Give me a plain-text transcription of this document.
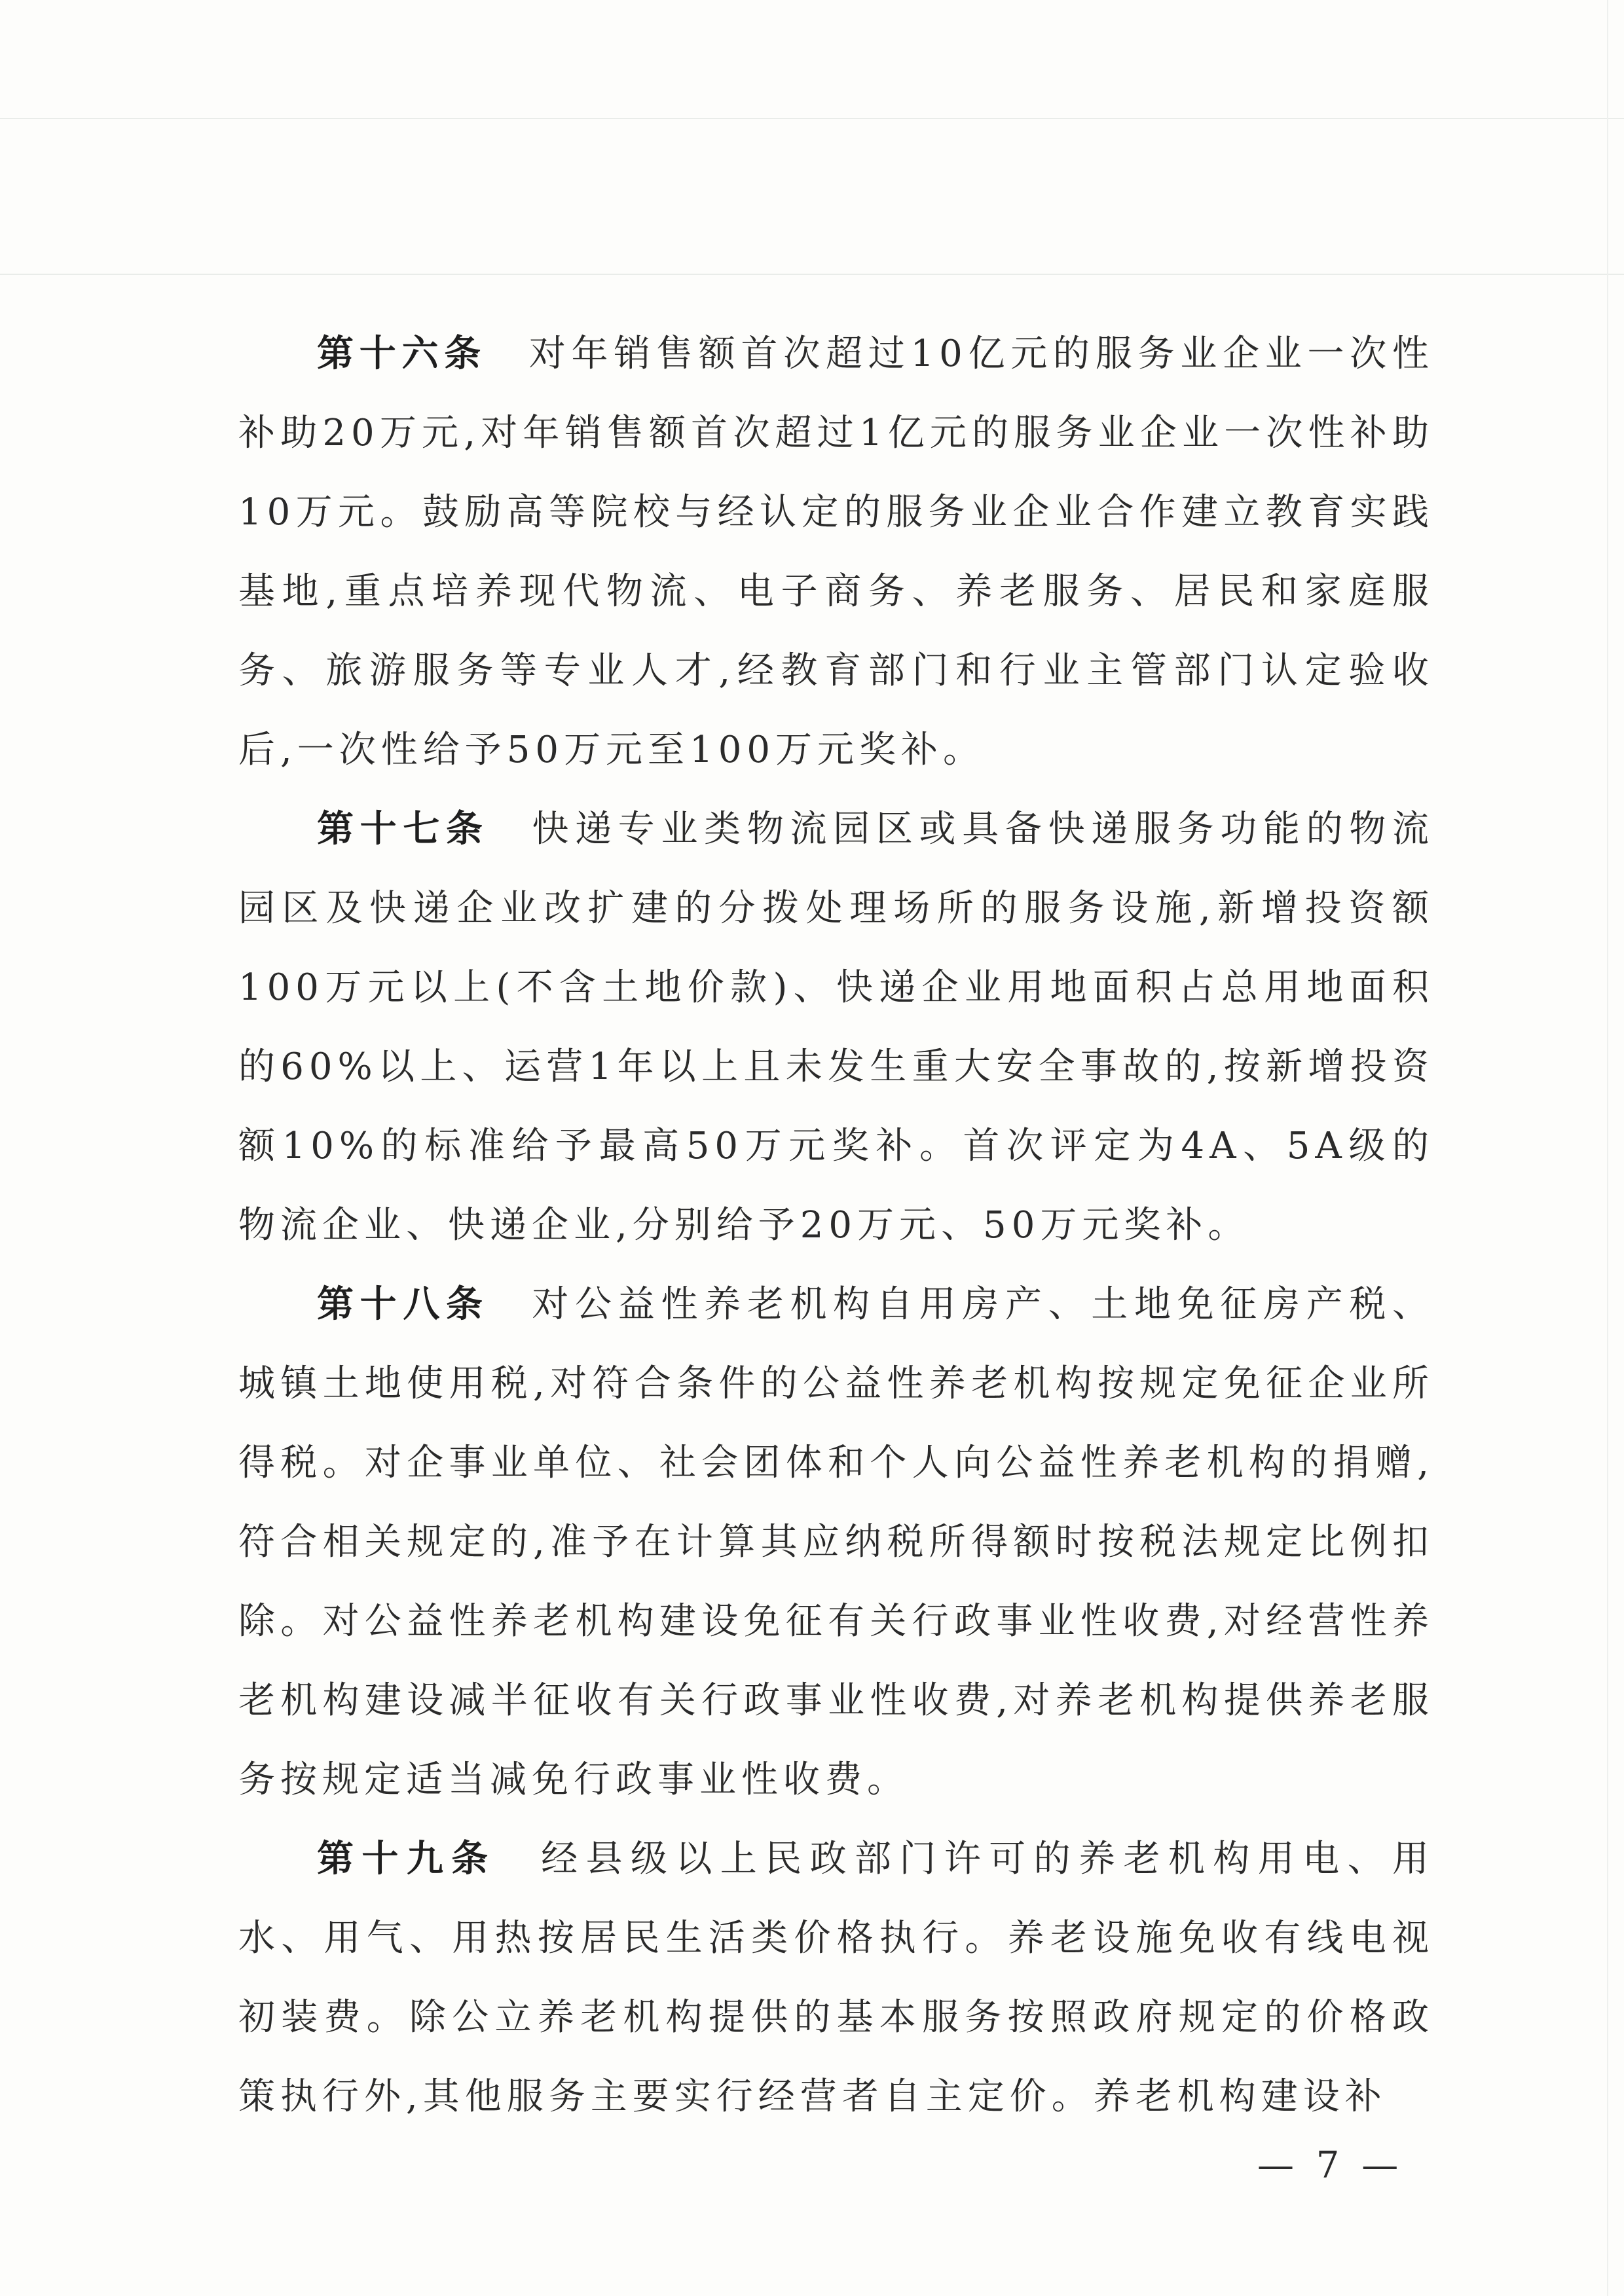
第十六条 对年销售额首次超过10亿元的服务业企业一次性补助20万元,对年销售额首次超过1亿元的服务业企业一次性补助10万元。鼓励高等院校与经认定的服务业企业合作建立教育实践基地,重点培养现代物流、电子商务、养老服务、居民和家庭服务、旅游服务等专业人才,经教育部门和行业主管部门认定验收后,一次性给予50万元至100万元奖补。

第十七条 快递专业类物流园区或具备快递服务功能的物流园区及快递企业改扩建的分拨处理场所的服务设施,新增投资额100万元以上(不含土地价款)、快递企业用地面积占总用地面积的60%以上、运营1年以上且未发生重大安全事故的,按新增投资额10%的标准给予最高50万元奖补。首次评定为4A、5A级的物流企业、快递企业,分别给予20万元、50万元奖补。

第十八条 对公益性养老机构自用房产、土地免征房产税、城镇土地使用税,对符合条件的公益性养老机构按规定免征企业所得税。对企事业单位、社会团体和个人向公益性养老机构的捐赠,符合相关规定的,准予在计算其应纳税所得额时按税法规定比例扣除。对公益性养老机构建设免征有关行政事业性收费,对经营性养老机构建设减半征收有关行政事业性收费,对养老机构提供养老服务按规定适当减免行政事业性收费。

第十九条 经县级以上民政部门许可的养老机构用电、用水、用气、用热按居民生活类价格执行。养老设施免收有线电视初装费。除公立养老机构提供的基本服务按照政府规定的价格政策执行外,其他服务主要实行经营者自主定价。养老机构建设补

— 7 —
